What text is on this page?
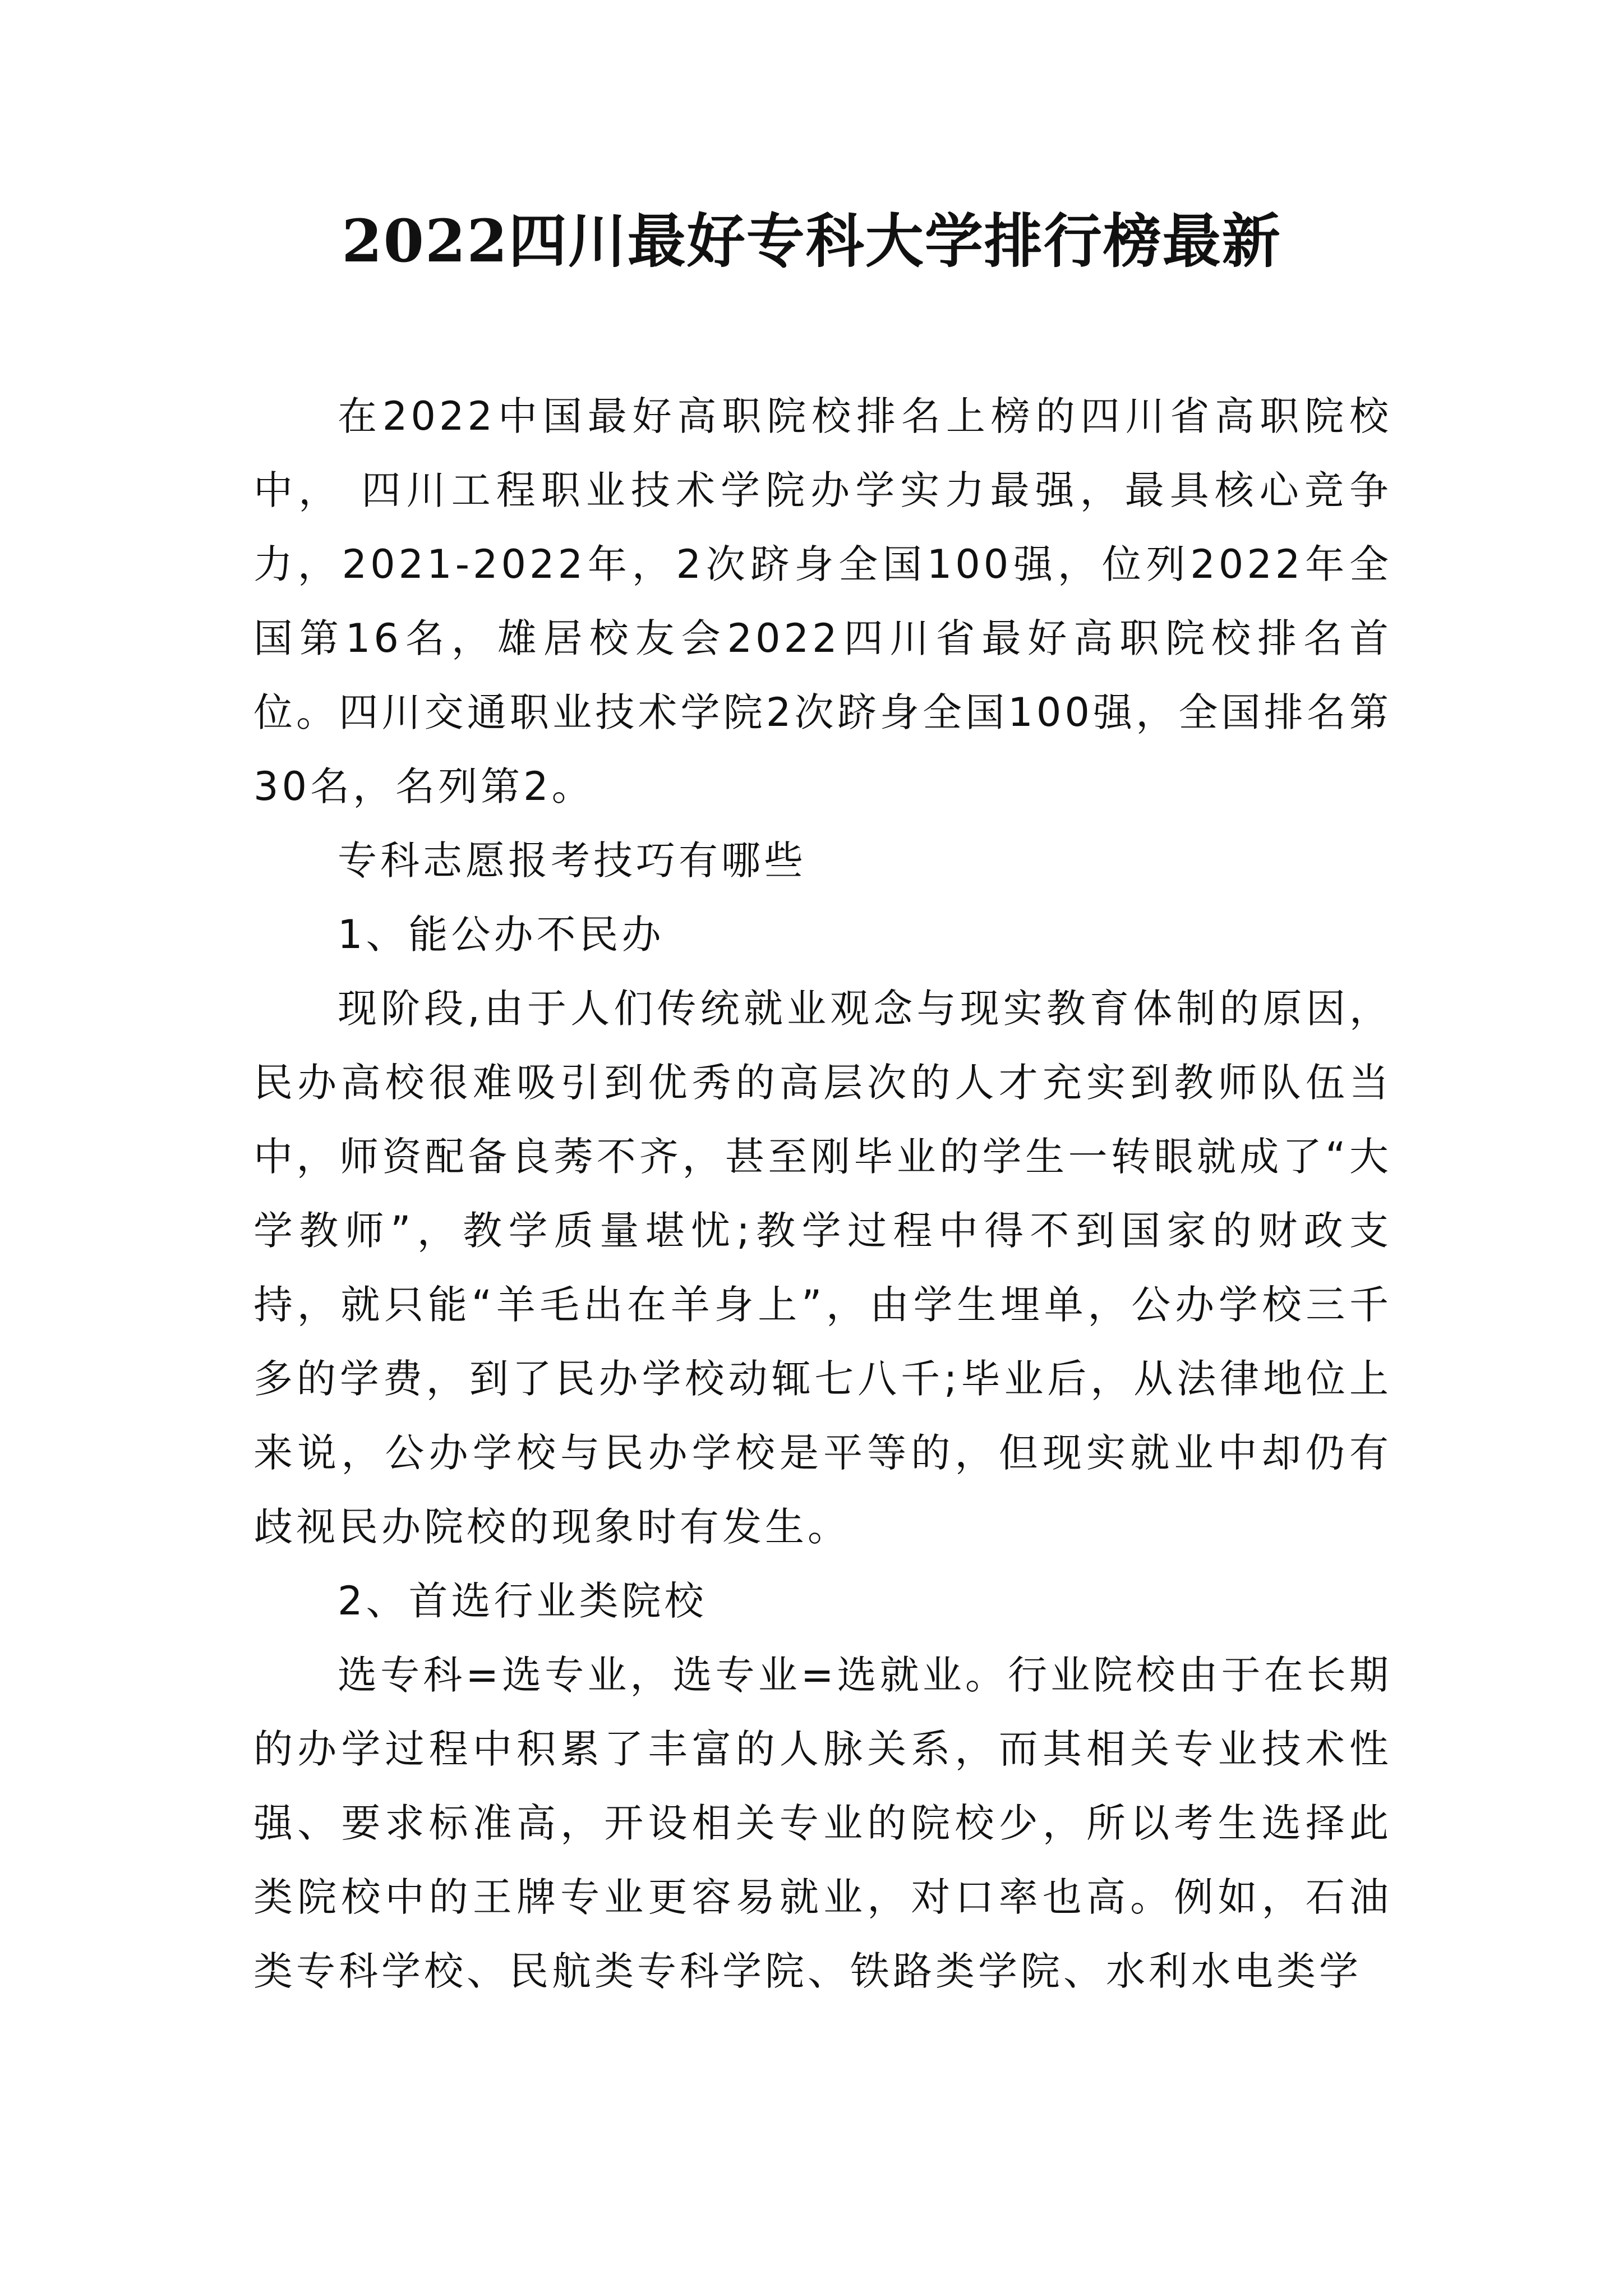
2022四川最好专科大学排行榜最新

在2022中国最好高职院校排名上榜的四川省高职院校中， 四川工程职业技术学院办学实力最强，最具核心竞争力，2021-2022年，2次跻身全国100强，位列2022年全国第16名，雄居校友会2022四川省最好高职院校排名首位。四川交通职业技术学院2次跻身全国100强，全国排名第30名，名列第2。

专科志愿报考技巧有哪些

1、能公办不民办

现阶段,由于人们传统就业观念与现实教育体制的原因，民办高校很难吸引到优秀的高层次的人才充实到教师队伍当中，师资配备良莠不齐，甚至刚毕业的学生一转眼就成了“大学教师”，教学质量堪忧;教学过程中得不到国家的财政支持，就只能“羊毛出在羊身上”，由学生埋单，公办学校三千多的学费，到了民办学校动辄七八千;毕业后，从法律地位上来说，公办学校与民办学校是平等的，但现实就业中却仍有歧视民办院校的现象时有发生。

2、首选行业类院校

选专科=选专业，选专业=选就业。行业院校由于在长期的办学过程中积累了丰富的人脉关系，而其相关专业技术性强、要求标准高，开设相关专业的院校少，所以考生选择此类院校中的王牌专业更容易就业，对口率也高。例如，石油类专科学校、民航类专科学院、铁路类学院、水利水电类学
